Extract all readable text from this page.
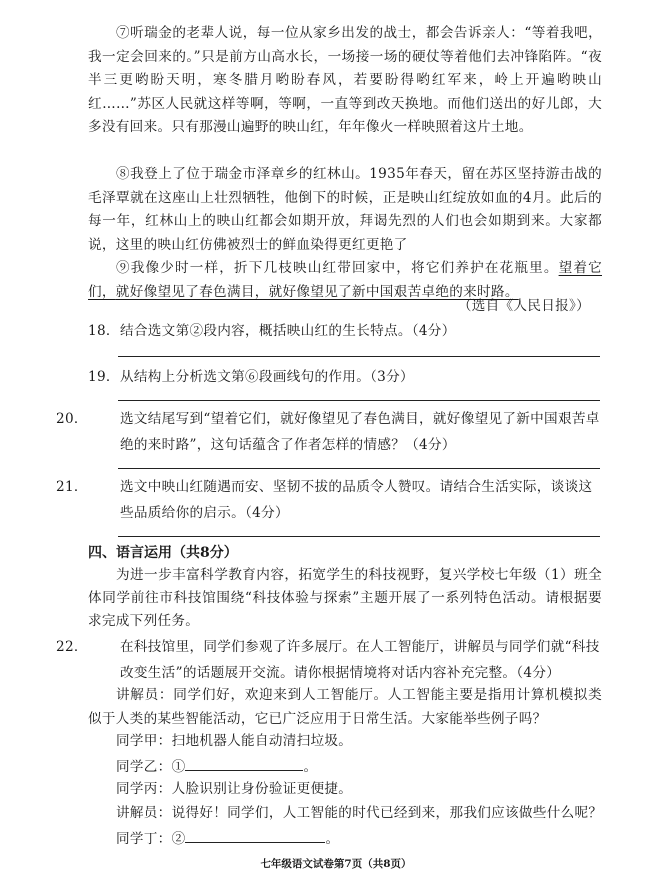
⑦听瑞金的老辈人说，每一位从家乡出发的战士，都会告诉亲人：“等着我吧，我一定会回来的。”只是前方山高水长，一场接一场的硬仗等着他们去冲锋陷阵。“夜半三更哟盼天明，寒冬腊月哟盼春风，若要盼得哟红军来，岭上开遍哟映山红……”苏区人民就这样等啊，等啊，一直等到改天换地。而他们送出的好儿郎，大多没有回来。只有那漫山遍野的映山红，年年像火一样映照着这片土地。
⑧我登上了位于瑞金市泽章乡的红林山。1935年春天，留在苏区坚持游击战的毛泽覃就在这座山上壮烈牺牲，他倒下的时候，正是映山红绽放如血的4月。此后的每一年，红林山上的映山红都会如期开放，拜谒先烈的人们也会如期到来。大家都说，这里的映山红仿佛被烈士的鲜血染得更红更艳了
⑨我像少时一样，折下几枝映山红带回家中，将它们养护在花瓶里。望着它们，就好像望见了春色满目，就好像望见了新中国艰苦卓绝的来时路。
（选自《人民日报》）
18．结合选文第②段内容，概括映山红的生长特点。（4分）
19．从结构上分析选文第⑥段画线句的作用。（3分）
20． 选文结尾写到“望着它们，就好像望见了春色满目，就好像望见了新中国艰苦卓绝的来时路”，这句话蕴含了作者怎样的情感？（4分）
21． 选文中映山红随遇而安、坚韧不拔的品质令人赞叹。请结合生活实际，谈谈这些品质给你的启示。（4分）
四、语言运用（共8分）
为进一步丰富科学教育内容，拓宽学生的科技视野，复兴学校七年级（1）班全体同学前往市科技馆围绕“科技体验与探索”主题开展了一系列特色活动。请根据要求完成下列任务。
22． 在科技馆里，同学们参观了许多展厅。在人工智能厅，讲解员与同学们就“科技改变生活”的话题展开交流。请你根据情境将对话内容补充完整。（4分）
讲解员：同学们好，欢迎来到人工智能厅。人工智能主要是指用计算机模拟类似于人类的某些智能活动，它已广泛应用于日常生活。大家能举些例子吗？
同学甲：扫地机器人能自动清扫垃圾。
同学乙：①	。
同学丙：人脸识别让身份验证更便捷。
讲解员：说得好！同学们，人工智能的时代已经到来，那我们应该做些什么呢？
同学丁：②	。
七年级语文试卷第7页（共8页）
